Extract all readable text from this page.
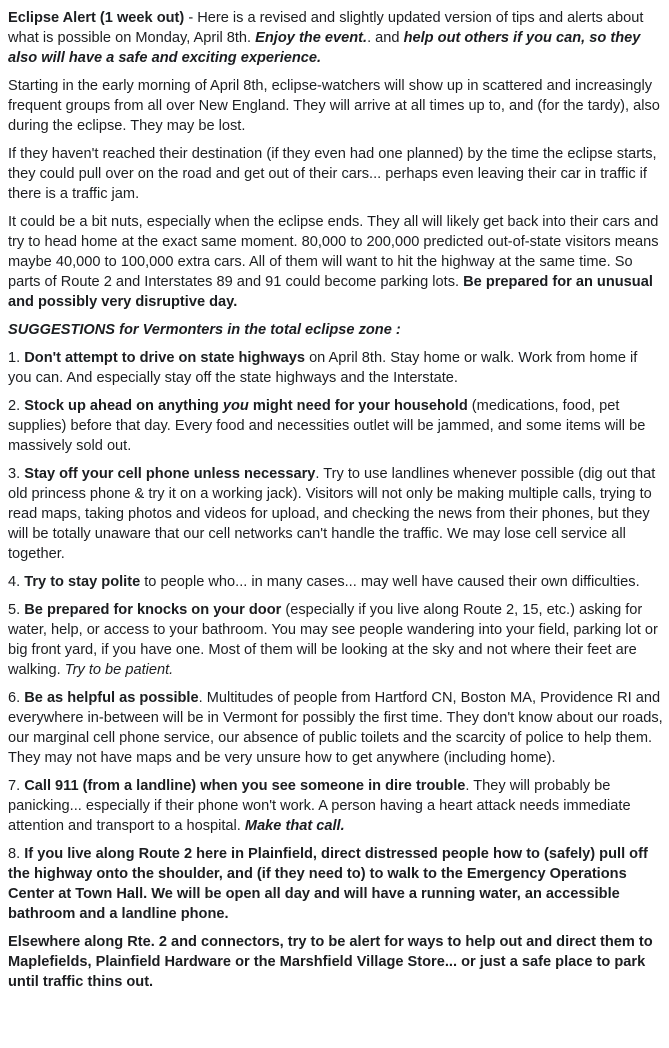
Eclipse Alert (1 week out) - Here is a revised and slightly updated version of tips and alerts about what is possible on Monday, April 8th. Enjoy the event.. and help out others if you can, so they also will have a safe and exciting experience.

Starting in the early morning of April 8th, eclipse-watchers will show up in scattered and increasingly frequent groups from all over New England. They will arrive at all times up to, and (for the tardy), also during the eclipse. They may be lost.

If they haven't reached their destination (if they even had one planned) by the time the eclipse starts, they could pull over on the road and get out of their cars... perhaps even leaving their car in traffic if there is a traffic jam.

It could be a bit nuts, especially when the eclipse ends. They all will likely get back into their cars and try to head home at the exact same moment. 80,000 to 200,000 predicted out-of-state visitors means maybe 40,000 to 100,000 extra cars. All of them will want to hit the highway at the same time. So parts of Route 2 and Interstates 89 and 91 could become parking lots. Be prepared for an unusual and possibly very disruptive day.

SUGGESTIONS for Vermonters in the total eclipse zone :

1. Don't attempt to drive on state highways on April 8th. Stay home or walk. Work from home if you can. And especially stay off the state highways and the Interstate.

2. Stock up ahead on anything you might need for your household (medications, food, pet supplies) before that day. Every food and necessities outlet will be jammed, and some items will be massively sold out.

3. Stay off your cell phone unless necessary. Try to use landlines whenever possible (dig out that old princess phone & try it on a working jack). Visitors will not only be making multiple calls, trying to read maps, taking photos and videos for upload, and checking the news from their phones, but they will be totally unaware that our cell networks can't handle the traffic. We may lose cell service all together.

4. Try to stay polite to people who... in many cases... may well have caused their own difficulties.

5. Be prepared for knocks on your door (especially if you live along Route 2, 15, etc.) asking for water, help, or access to your bathroom. You may see people wandering into your field, parking lot or big front yard, if you have one. Most of them will be looking at the sky and not where their feet are walking. Try to be patient.

6. Be as helpful as possible. Multitudes of people from Hartford CN, Boston MA, Providence RI and everywhere in-between will be in Vermont for possibly the first time. They don't know about our roads, our marginal cell phone service, our absence of public toilets and the scarcity of police to help them. They may not have maps and be very unsure how to get anywhere (including home).

7. Call 911 (from a landline) when you see someone in dire trouble. They will probably be panicking... especially if their phone won't work. A person having a heart attack needs immediate attention and transport to a hospital. Make that call.

8. If you live along Route 2 here in Plainfield, direct distressed people how to (safely) pull off the highway onto the shoulder, and (if they need to) to walk to the Emergency Operations Center at Town Hall. We will be open all day and will have a running water, an accessible bathroom and a landline phone.

Elsewhere along Rte. 2 and connectors, try to be alert for ways to help out and direct them to Maplefields, Plainfield Hardware or the Marshfield Village Store... or just a safe place to park until traffic thins out.
